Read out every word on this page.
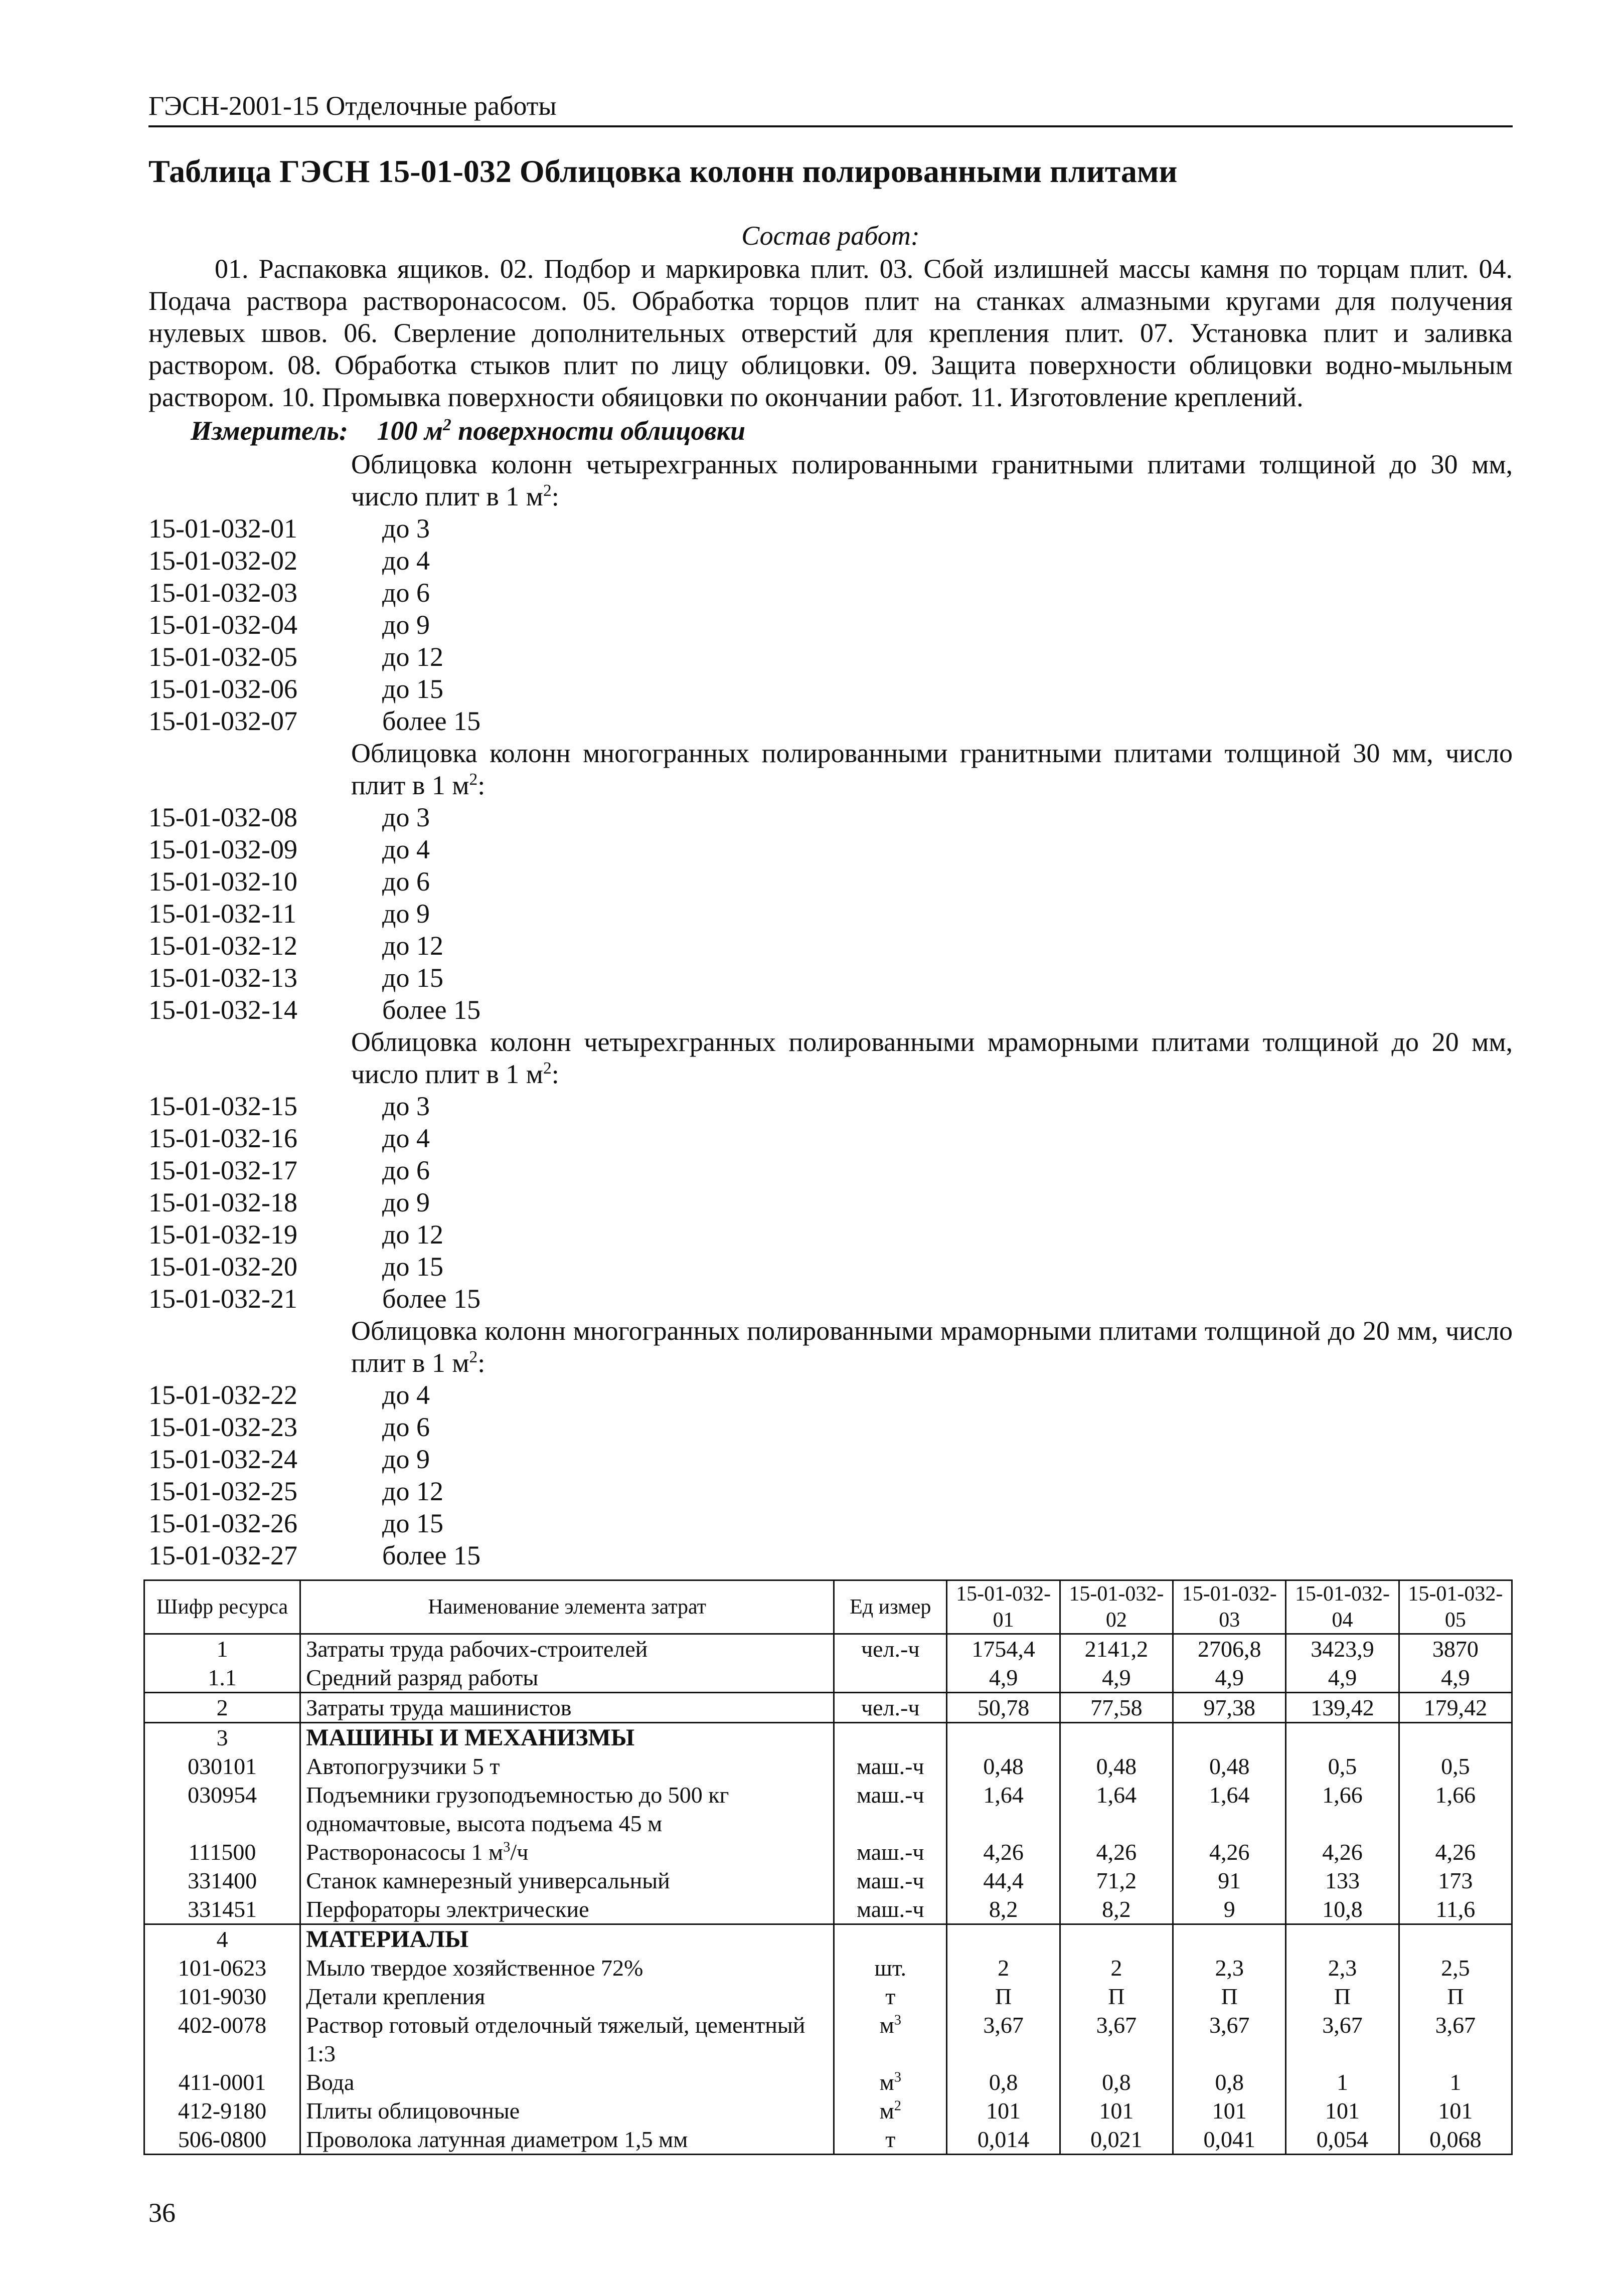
ГЭСН-2001-15 Отделочные работы
Таблица ГЭСН 15-01-032 Облицовка колонн полированными плитами
Состав работ:

01. Распаковка ящиков. 02. Подбор и маркировка плит. 03. Сбой излишней массы камня по торцам плит. 04. Подача раствора растворонасосом. 05. Обработка торцов плит на станках алмазными кругами для получения нулевых швов. 06. Сверление дополнительных отверстий для крепления плит. 07. Установка плит и заливка раствором. 08. Обработка стыков плит по лицу облицовки. 09. Защита поверхности облицовки водно-мыльным раствором. 10. Промывка поверхности обяицовки по окончании работ. 11. Изготовление креплений.

Измеритель: 100 $м^2$ поверхности облицовки

Облицовка колонн четырехгранных полированными гранитными плитами толщиной до 30 мм, число плит в 1 $м^2$:

15-01-032-01	до 3
15-01-032-02	до 4
15-01-032-03	до 6
15-01-032-04	до 9
15-01-032-05	до 12
15-01-032-06	до 15
15-01-032-07	более 15

Облицовка колонн многогранных полированными гранитными плитами толщиной 30 мм, число плит в 1 $м^2$:

15-01-032-08	до 3
15-01-032-09	до 4
15-01-032-10	до 6
15-01-032-11	до 9
15-01-032-12	до 12
15-01-032-13	до 15
15-01-032-14	более 15

Облицовка колонн четырехгранных полированными мраморными плитами толщиной до 20 мм, число плит в 1 $м^2$:

15-01-032-15	до 3
15-01-032-16	до 4
15-01-032-17	до 6
15-01-032-18	до 9
15-01-032-19	до 12
15-01-032-20	до 15
15-01-032-21	более 15

Облицовка колонн многогранных полированными мраморными плитами толщиной до 20 мм, число плит в 1 $м^2$:

15-01-032-22	до 4
15-01-032-23	до 6
15-01-032-24	до 9
15-01-032-25	до 12
15-01-032-26	до 15
15-01-032-27	более 15
Шифр ресурса	Наименование элемента затрат	Ед измер	15-01-032-01	15-01-032-02	15-01-032-03	15-01-032-04	15-01-032-05
1	Затраты труда рабочих-строителей	чел.-ч	1754,4	2141,2	2706,8	3423,9	3870
1.1	Средний разряд работы		4,9	4,9	4,9	4,9	4,9
2	Затраты труда машинистов	чел.-ч	50,78	77,58	97,38	139,42	179,42
3	МАШИНЫ И МЕХАНИЗМЫ						
030101	Автопогрузчики 5 т	маш.-ч	0,48	0,48	0,48	0,5	0,5
030954	Подъемники грузоподъемностью до 500 кг одномачтовые, высота подъема 45 м	маш.-ч	1,64	1,64	1,64	1,66	1,66
111500	Растворонасосы 1 $м^3/ч$	маш.-ч	4,26	4,26	4,26	4,26	4,26
331400	Станок камнерезный универсальный	маш.-ч	44,4	71,2	91	133	173
331451	Перфораторы электрические	маш.-ч	8,2	8,2	9	10,8	11,6
4	МАТЕРИАЛЫ						
101-0623	Мыло твердое хозяйственное 72%	шт.	2	2	2,3	2,3	2,5
101-9030	Детали крепления	т	П	П	П	П	П
402-0078	Раствор готовый отделочный тяжелый, цементный 1:3	$м^3$	3,67	3,67	3,67	3,67	3,67
411-0001	Вода	$м^3$	0,8	0,8	0,8	1	1
412-9180	Плиты облицовочные	$м^2$	101	101	101	101	101
506-0800	Проволока латунная диаметром 1,5 мм	т	0,014	0,021	0,041	0,054	0,068
36
